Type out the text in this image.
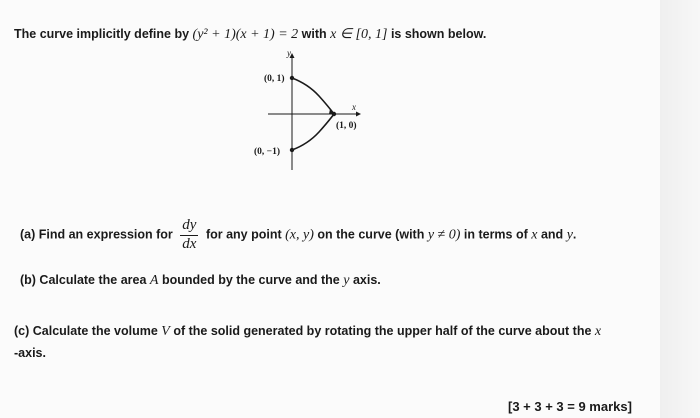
The curve implicitly define by (y² + 1)(x + 1) = 2 with x ∈ [0, 1] is shown below.
y
x
(0, 1)
(0, −1)
(1, 0)
(a) Find an expression for $\frac{dy}{dx}$ for any point (x, y) on the curve (with y ≠ 0) in terms of x and y.
(b) Calculate the area A bounded by the curve and the y axis.
(c) Calculate the volume V of the solid generated by rotating the upper half of the curve about the x
-axis.
[3 + 3 + 3 = 9 marks]
